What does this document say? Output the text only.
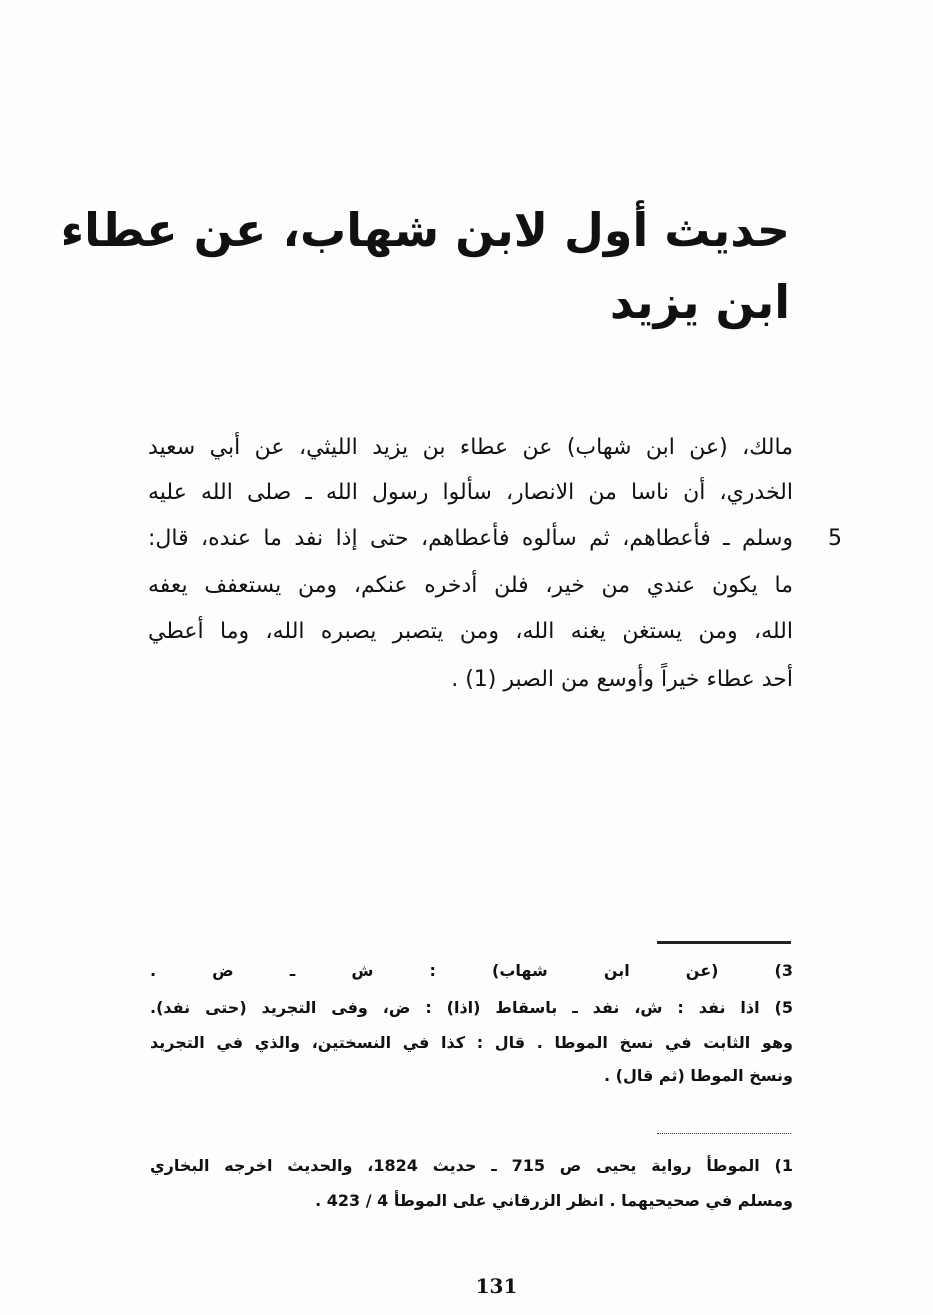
حديث أول لابن شهاب، عن عطاء
ابن يزيد
مالك، (عن ابن شهاب) عن عطاء بن يزيد الليثي، عن أبي سعيد
الخدري، أن ناسا من الانصار، سألوا رسول الله ـ صلى الله عليه
وسلم ـ فأعطاهم، ثم سألوه فأعطاهم، حتى إذا نفد ما عنده، قال:
ما يكون عندي من خير، فلن أدخره عنكم، ومن يستعفف يعفه
الله، ومن يستغن يغنه الله، ومن يتصبر يصبره الله، وما أعطي
أحد عطاء خيراً وأوسع من الصبر (1) .
5
3) (عن ابن شهاب) : ش ـ ض .
5) اذا نفد : ش، نفد ـ باسقاط (اذا) : ض، وفى التجريد (حتى نفد).
وهو الثابت في نسخ الموطا . قال : كذا في النسختين، والذي في التجريد
ونسخ الموطا (ثم قال) .
1) الموطأ رواية يحيى ص 715 ـ حديث 1824، والحديث اخرجه البخاري
ومسلم في صحيحيهما . انظر الزرقاني على الموطأ 4 / 423 .
131
